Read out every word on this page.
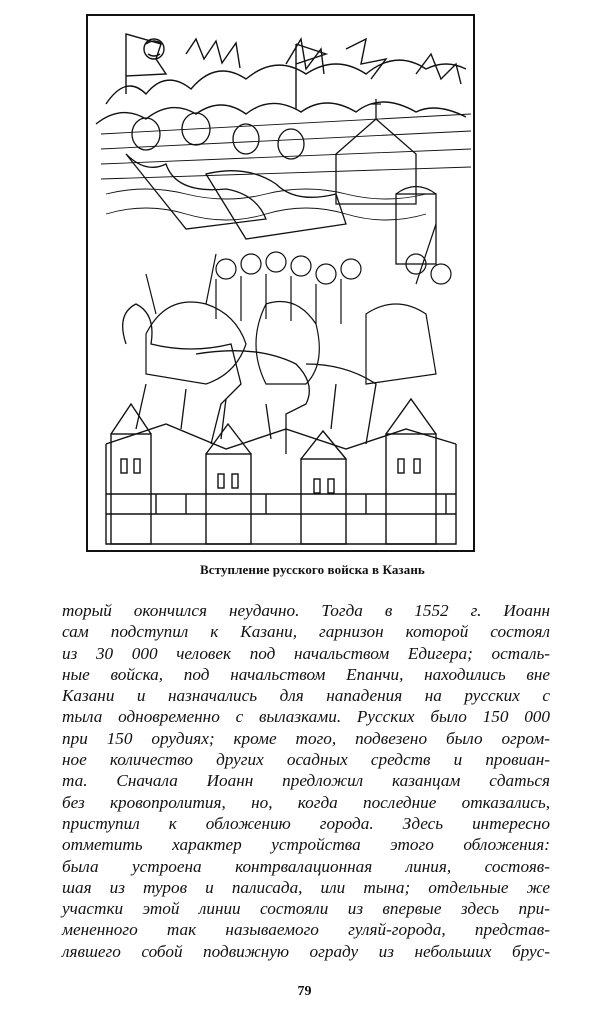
Вступление русского войска в Казань
торый окончился неудачно. Тогда в 1552 г. Иоанн
сам подступил к Казани, гарнизон которой состоял
из 30 000 человек под начальством Едигера; осталь-
ные войска, под начальством Епанчи, находились вне
Казани и назначались для нападения на русских с
тыла одновременно с вылазками. Русских было 150 000
при 150 орудиях; кроме того, подвезено было огром-
ное количество других осадных средств и провиан-
та. Сначала Иоанн предложил казанцам сдаться
без кровопролития, но, когда последние отказались,
приступил к обложению города. Здесь интересно
отметить характер устройства этого обложения:
была устроена контрвалационная линия, состояв-
шая из туров и палисада, или тына; отдельные же
участки этой линии состояли из впервые здесь при-
мененного так называемого гуляй-города, представ-
лявшего собой подвижную ограду из небольших брус-
79
